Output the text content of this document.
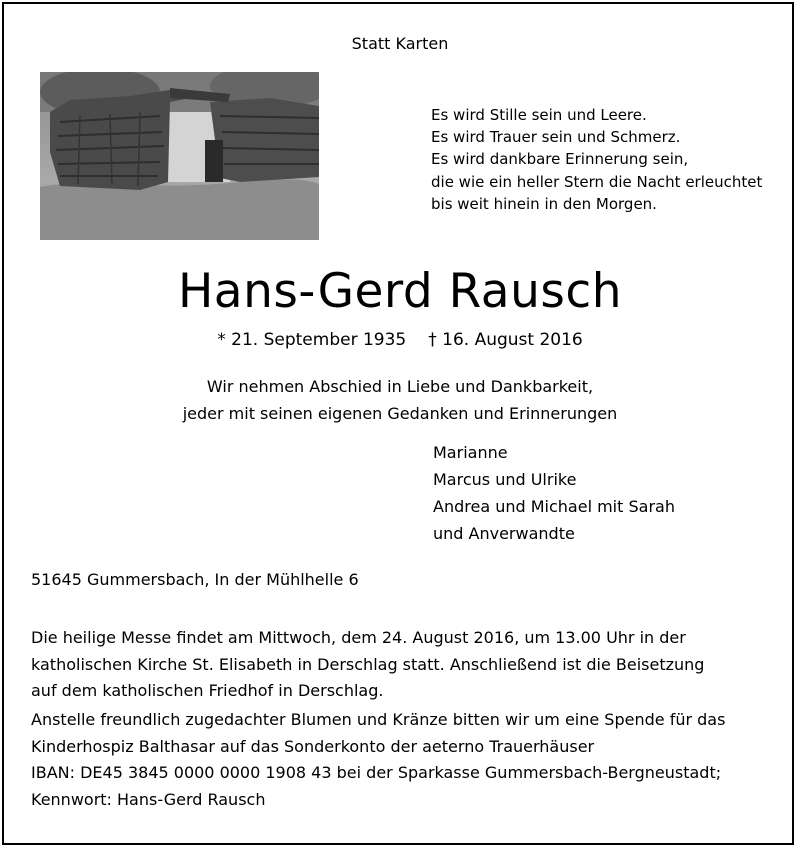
Statt Karten
Es wird Stille sein und Leere.
Es wird Trauer sein und Schmerz.
Es wird dankbare Erinnerung sein,
die wie ein heller Stern die Nacht erleuchtet
bis weit hinein in den Morgen.
Hans-Gerd Rausch
* 21. September 1935 † 16. August 2016
Wir nehmen Abschied in Liebe und Dankbarkeit,
jeder mit seinen eigenen Gedanken und Erinnerungen
Marianne
Marcus und Ulrike
Andrea und Michael mit Sarah
und Anverwandte
51645 Gummersbach, In der Mühlhelle 6
Die heilige Messe findet am Mittwoch, dem 24. August 2016, um 13.00 Uhr in der
katholischen Kirche St. Elisabeth in Derschlag statt. Anschließend ist die Beisetzung
auf dem katholischen Friedhof in Derschlag.
Anstelle freundlich zugedachter Blumen und Kränze bitten wir um eine Spende für das
Kinderhospiz Balthasar auf das Sonderkonto der aeterno Trauerhäuser
IBAN: DE45 3845 0000 0000 1908 43 bei der Sparkasse Gummersbach-Bergneustadt;
Kennwort: Hans-Gerd Rausch
